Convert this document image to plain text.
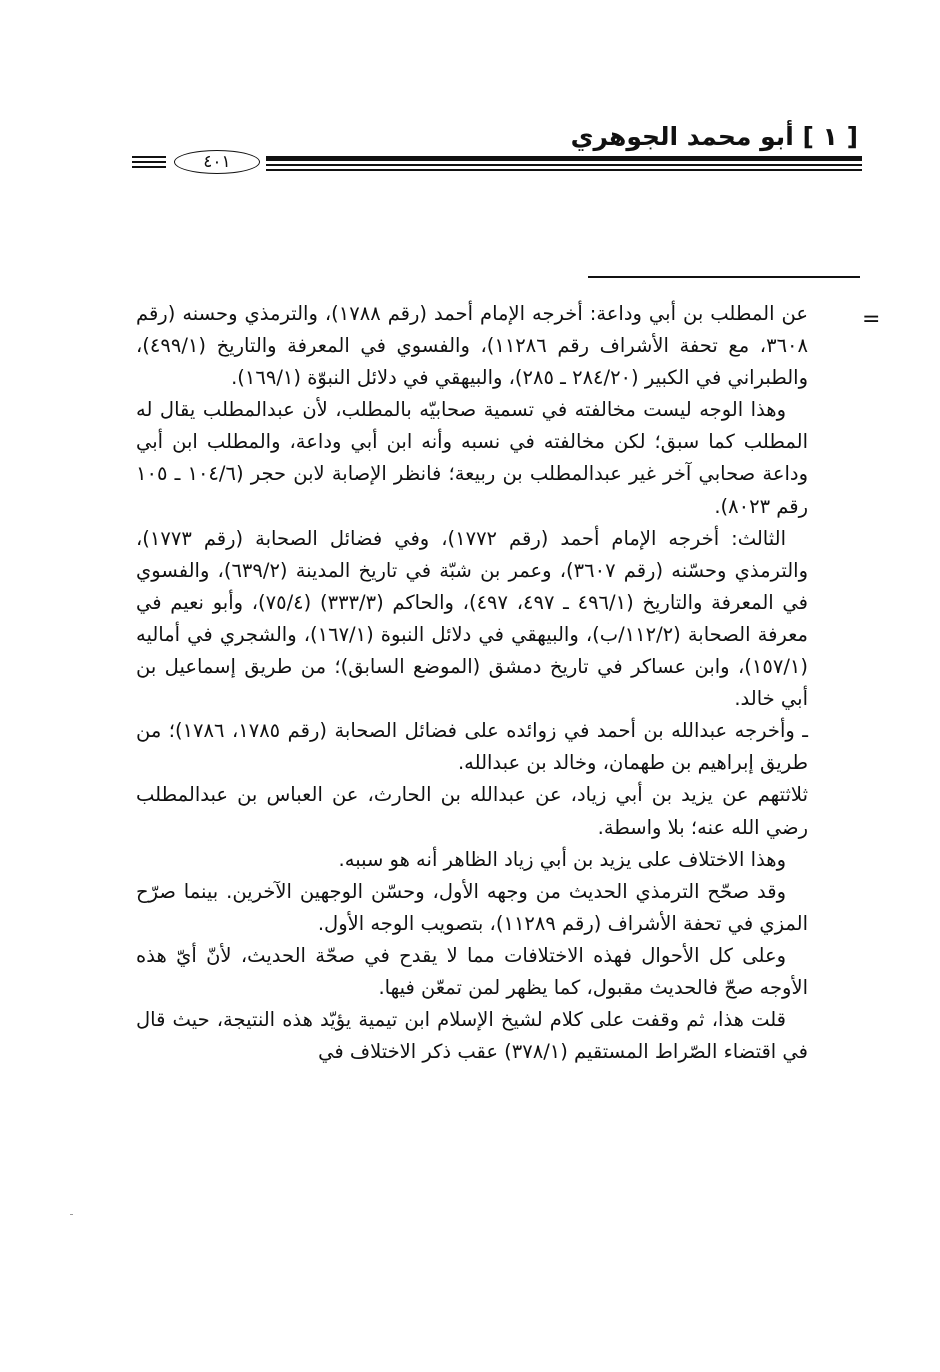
[ ١ ] أبو محمد الجوهري
٤٠١
=

عن المطلب بن أبي وداعة: أخرجه الإمام أحمد (رقم ١٧٨٨)، والترمذي وحسنه (رقم ٣٦٠٨، مع تحفة الأشراف رقم ١١٢٨٦)، والفسوي في المعرفة والتاريخ (٤٩٩/١)، والطبراني في الكبير (٢٨٤/٢٠ ـ ٢٨٥)، والبيهقي في دلائل النبوّة (١٦٩/١).

وهذا الوجه ليست مخالفته في تسمية صحابيّه بالمطلب، لأن عبدالمطلب يقال له المطلب كما سبق؛ لكن مخالفته في نسبه وأنه ابن أبي وداعة، والمطلب ابن أبي وداعة صحابي آخر غير عبدالمطلب بن ربيعة؛ فانظر الإصابة لابن حجر (١٠٤/٦ ـ ١٠٥ رقم ٨٠٢٣).

الثالث: أخرجه الإمام أحمد (رقم ١٧٧٢)، وفي فضائل الصحابة (رقم ١٧٧٣)، والترمذي وحسّنه (رقم ٣٦٠٧)، وعمر بن شبّة في تاريخ المدينة (٦٣٩/٢)، والفسوي في المعرفة والتاريخ (٤٩٦/١ ـ ٤٩٧، ٤٩٧)، والحاكم (٣٣٣/٣) (٧٥/٤)، وأبو نعيم في معرفة الصحابة (١١٢/٢/ب)، والبيهقي في دلائل النبوة (١٦٧/١)، والشجري في أماليه (١٥٧/١)، وابن عساكر في تاريخ دمشق (الموضع السابق)؛ من طريق إسماعيل بن أبي خالد.

ـ وأخرجه عبدالله بن أحمد في زوائده على فضائل الصحابة (رقم ١٧٨٥، ١٧٨٦)؛ من طريق إبراهيم بن طهمان، وخالد بن عبدالله.

ثلاثتهم عن يزيد بن أبي زياد، عن عبدالله بن الحارث، عن العباس بن عبدالمطلب رضي الله عنه؛ بلا واسطة.

وهذا الاختلاف على يزيد بن أبي زياد الظاهر أنه هو سببه.

وقد صحّح الترمذي الحديث من وجهه الأول، وحسّن الوجهين الآخرين. بينما صرّح المزي في تحفة الأشراف (رقم ١١٢٨٩)، بتصويب الوجه الأول.

وعلى كل الأحوال فهذه الاختلافات مما لا يقدح في صحّة الحديث، لأنّ أيّ هذه الأوجه صحّ فالحديث مقبول، كما يظهر لمن تمعّن فيها.

قلت هذا، ثم وقفت على كلام لشيخ الإسلام ابن تيمية يؤيّد هذه النتيجة، حيث قال في اقتضاء الصّراط المستقيم (٣٧٨/١) عقب ذكر الاختلاف في
